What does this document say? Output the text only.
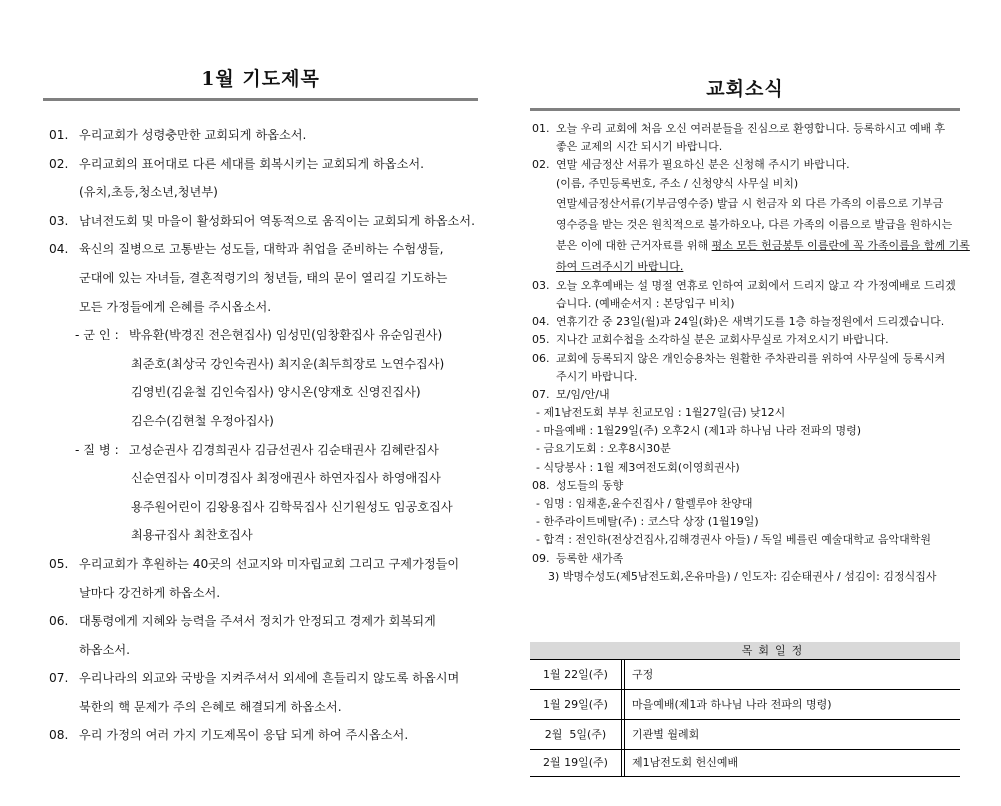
1월 기도제목
01. 우리교회가 성령충만한 교회되게 하옵소서.
02. 우리교회의 표어대로 다른 세대를 회복시키는 교회되게 하옵소서.
(유치,초등,청소년,청년부)
03. 남녀전도회 및 마을이 활성화되어 역동적으로 움직이는 교회되게 하옵소서.
04. 육신의 질병으로 고통받는 성도들, 대학과 취업을 준비하는 수험생들,
군대에 있는 자녀들, 결혼적령기의 청년들, 태의 문이 열리길 기도하는
모든 가정들에게 은혜를 주시옵소서.
- 군 인 : 박유환(박경진 전은현집사) 임성민(임창환집사 유순임권사)
최준호(최상국 강인숙권사) 최지운(최두희장로 노연수집사)
김영빈(김윤철 김인숙집사) 양시온(양재호 신영진집사)
김은수(김현철 우정아집사)
- 질 병 : 고성순권사 김경희권사 김금선권사 김순태권사 김혜란집사
신순연집사 이미경집사 최정애권사 하연자집사 하영애집사
용주원어린이 김왕용집사 김학묵집사 신기원성도 임공호집사
최용규집사 최찬호집사
05. 우리교회가 후원하는 40곳의 선교지와 미자립교회 그리고 구제가정들이
날마다 강건하게 하옵소서.
06. 대통령에게 지혜와 능력을 주셔서 정치가 안정되고 경제가 회복되게
하옵소서.
07. 우리나라의 외교와 국방을 지켜주셔서 외세에 흔들리지 않도록 하옵시며
북한의 핵 문제가 주의 은혜로 해결되게 하옵소서.
08. 우리 가정의 여러 가지 기도제목이 응답 되게 하여 주시옵소서.
교회소식
01. 오늘 우리 교회에 처음 오신 여러분들을 진심으로 환영합니다. 등록하시고 예배 후
좋은 교제의 시간 되시기 바랍니다.
02. 연말 세금정산 서류가 필요하신 분은 신청해 주시기 바랍니다.
(이름, 주민등록번호, 주소 / 신청양식 사무실 비치)
연말세금정산서류(기부금영수증) 발급 시 헌금자 외 다른 가족의 이름으로 기부금
영수증을 받는 것은 원칙적으로 불가하오나, 다른 가족의 이름으로 발급을 원하시는
분은 이에 대한 근거자료를 위해 평소 모든 헌금봉투 이름란에 꼭 가족이름을 함께 기록
하여 드려주시기 바랍니다.
03. 오늘 오후예배는 설 명절 연휴로 인하여 교회에서 드리지 않고 각 가정예배로 드리겠
습니다. (예배순서지 : 본당입구 비치)
04. 연휴기간 중 23일(월)과 24일(화)은 새벽기도를 1층 하늘정원에서 드리겠습니다.
05. 지나간 교회수첩을 소각하실 분은 교회사무실로 가져오시기 바랍니다.
06. 교회에 등록되지 않은 개인승용차는 원활한 주차관리를 위하여 사무실에 등록시켜
주시기 바랍니다.
07. 모/임/안/내
- 제1남전도회 부부 친교모임 : 1월27일(금) 낮12시
- 마을예배 : 1월29일(주) 오후2시 (제1과 하나님 나라 전파의 명령)
- 금요기도회 : 오후8시30분
- 식당봉사 : 1월 제3여전도회(이영희권사)
08. 성도들의 동향
- 임명 : 임채훈,윤수진집사 / 할렐루야 찬양대
- 한주라이트메탈(주) : 코스닥 상장 (1월19일)
- 합격 : 전인하(전상건집사,김해경권사 아들) / 독일 베를린 예술대학교 음악대학원
09. 등록한 새가족
3) 박명수성도(제5남전도회,온유마을) / 인도자: 김순태권사 / 섬김이: 김정식집사
목회일정
1월 22일(주)	구정
1월 29일(주)	마을예배(제1과 하나님 나라 전파의 명령)
2월  5일(주)	기관별 월례회
2월 19일(주)	제1남전도회 헌신예배
